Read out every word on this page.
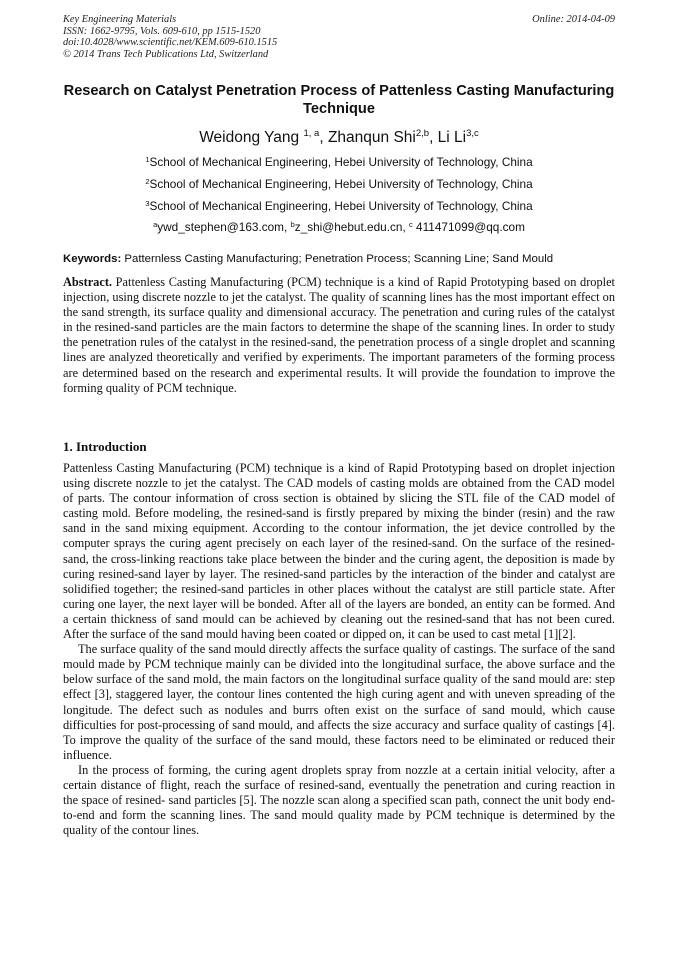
Key Engineering Materials
ISSN: 1662-9795, Vols. 609-610, pp 1515-1520
doi:10.4028/www.scientific.net/KEM.609-610.1515
© 2014 Trans Tech Publications Ltd, Switzerland
Online: 2014-04-09
Research on Catalyst Penetration Process of Pattenless Casting Manufacturing Technique
Weidong Yang $^{1, a}$, Zhanqun Shi$^{2,b}$, Li Li$^{3,c}$
$^1$School of Mechanical Engineering, Hebei University of Technology, China
$^2$School of Mechanical Engineering, Hebei University of Technology, China
$^3$School of Mechanical Engineering, Hebei University of Technology, China
$^a$ywd_stephen@163.com, $^b$z_shi@hebut.edu.cn, $^c$ 411471099@qq.com
Keywords: Patternless Casting Manufacturing; Penetration Process; Scanning Line; Sand Mould
Abstract. Pattenless Casting Manufacturing (PCM) technique is a kind of Rapid Prototyping based on droplet injection, using discrete nozzle to jet the catalyst. The quality of scanning lines has the most important effect on the sand strength, its surface quality and dimensional accuracy. The penetration and curing rules of the catalyst in the resined-sand particles are the main factors to determine the shape of the scanning lines. In order to study the penetration rules of the catalyst in the resined-sand, the penetration process of a single droplet and scanning lines are analyzed theoretically and verified by experiments. The important parameters of the forming process are determined based on the research and experimental results. It will provide the foundation to improve the forming quality of PCM technique.
1. Introduction

Pattenless Casting Manufacturing (PCM) technique is a kind of Rapid Prototyping based on droplet injection using discrete nozzle to jet the catalyst. The CAD models of casting molds are obtained from the CAD model of parts. The contour information of cross section is obtained by slicing the STL file of the CAD model of casting mold. Before modeling, the resined-sand is firstly prepared by mixing the binder (resin) and the raw sand in the sand mixing equipment. According to the contour information, the jet device controlled by the computer sprays the curing agent precisely on each layer of the resined-sand. On the surface of the resined-sand, the cross-linking reactions take place between the binder and the curing agent, the deposition is made by curing resined-sand layer by layer. The resined-sand particles by the interaction of the binder and catalyst are solidified together; the resined-sand particles in other places without the catalyst are still particle state. After curing one layer, the next layer will be bonded. After all of the layers are bonded, an entity can be formed. And a certain thickness of sand mould can be achieved by cleaning out the resined-sand that has not been cured. After the surface of the sand mould having been coated or dipped on, it can be used to cast metal [1][2].

The surface quality of the sand mould directly affects the surface quality of castings. The surface of the sand mould made by PCM technique mainly can be divided into the longitudinal surface, the above surface and the below surface of the sand mold, the main factors on the longitudinal surface quality of the sand mould are: step effect [3], staggered layer, the contour lines contented the high curing agent and with uneven spreading of the longitude. The defect such as nodules and burrs often exist on the surface of sand mould, which cause difficulties for post-processing of sand mould, and affects the size accuracy and surface quality of castings [4]. To improve the quality of the surface of the sand mould, these factors need to be eliminated or reduced their influence.

In the process of forming, the curing agent droplets spray from nozzle at a certain initial velocity, after a certain distance of flight, reach the surface of resined-sand, eventually the penetration and curing reaction in the space of resined- sand particles [5]. The nozzle scan along a specified scan path, connect the unit body end-to-end and form the scanning lines. The sand mould quality made by PCM technique is determined by the quality of the contour lines.
